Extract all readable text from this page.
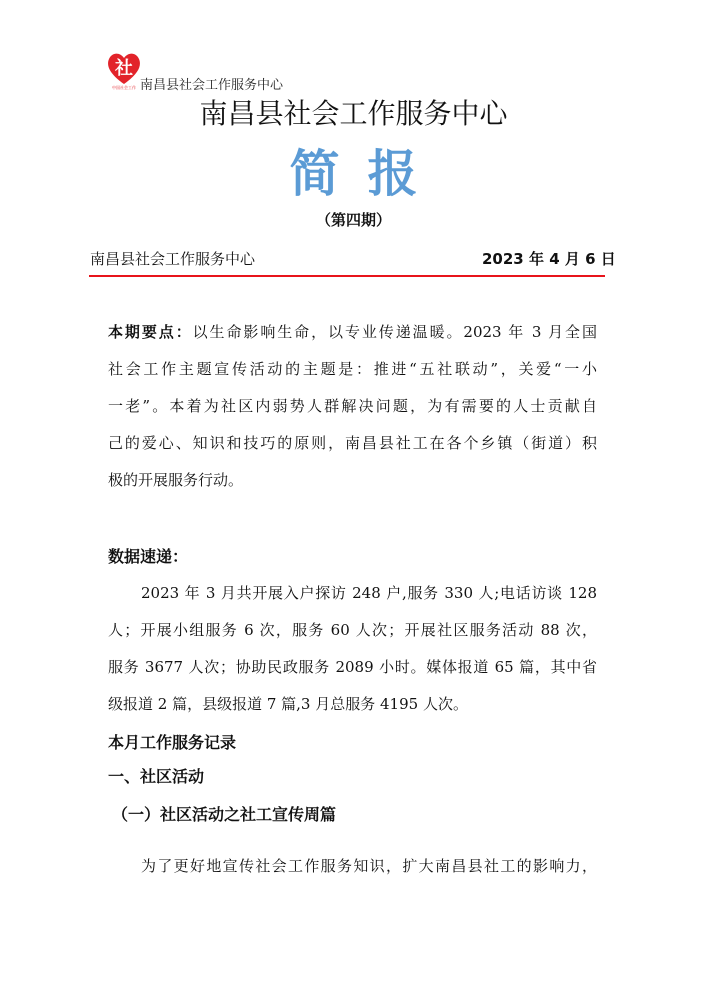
社
中国社会工作 南昌县社会工作服务中心
南昌县社会工作服务中心
简报
（第四期）
南昌县社会工作服务中心	2023 年 4 月 6 日
本期要点：以生命影响生命，以专业传递温暖。2023 年 3 月全国
社会工作主题宣传活动的主题是：推进“五社联动”，关爱“一小
一老”。本着为社区内弱势人群解决问题，为有需要的人士贡献自
己的爱心、知识和技巧的原则，南昌县社工在各个乡镇（街道）积
极的开展服务行动。
数据速递：
2023 年 3 月共开展入户探访 248 户,服务 330 人;电话访谈 128
人；开展小组服务 6 次，服务 60 人次；开展社区服务活动 88 次，
服务 3677 人次；协助民政服务 2089 小时。媒体报道 65 篇，其中省
级报道 2 篇，县级报道 7 篇,3 月总服务 4195 人次。
本月工作服务记录
一、社区活动
（一）社区活动之社工宣传周篇
为了更好地宣传社会工作服务知识，扩大南昌县社工的影响力，
